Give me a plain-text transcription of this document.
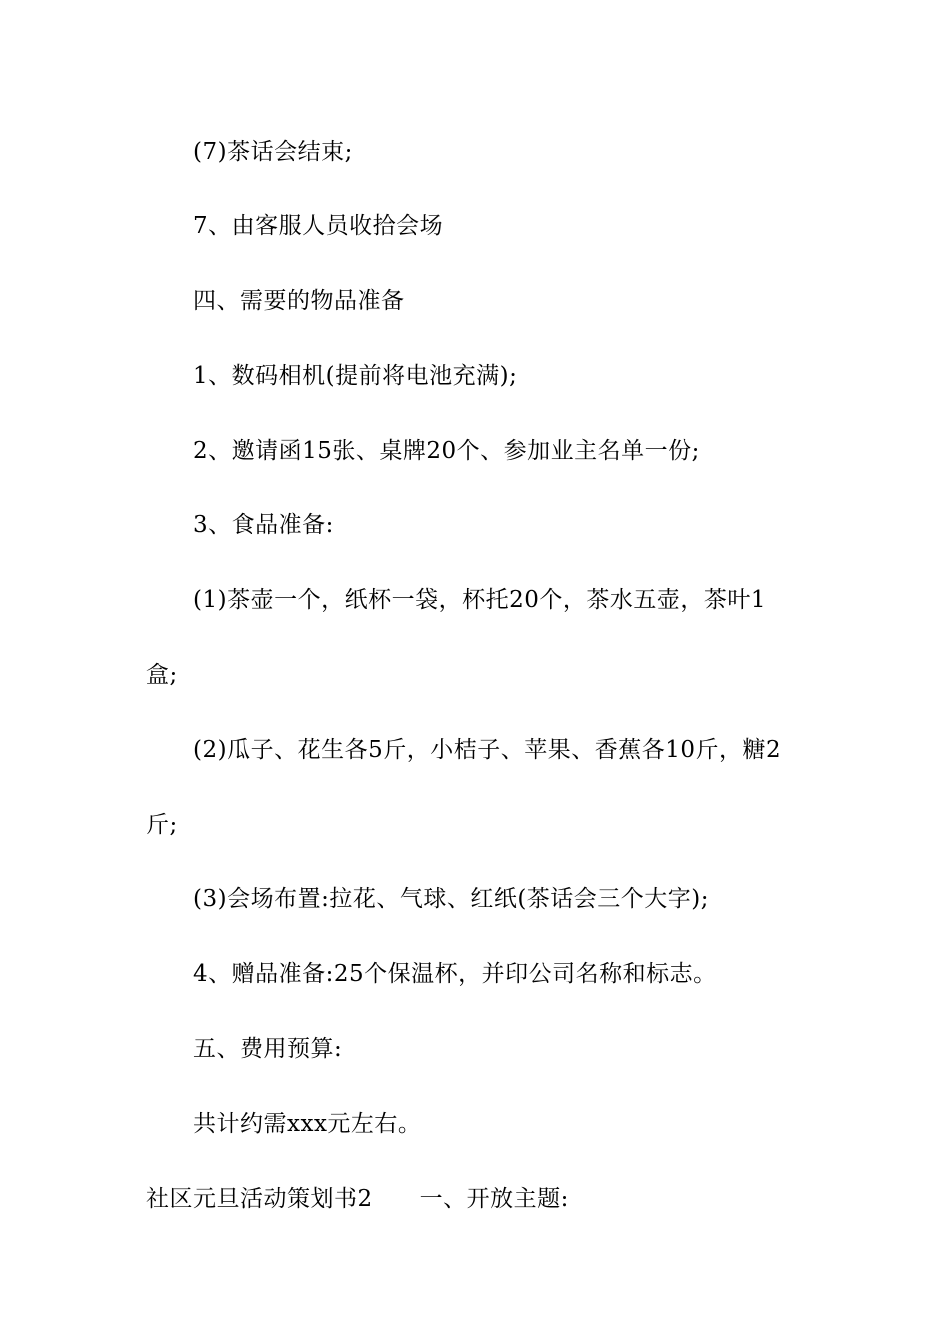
(7)茶话会结束;
7、由客服人员收拾会场
四、需要的物品准备
1、数码相机(提前将电池充满);
2、邀请函15张、桌牌20个、参加业主名单一份;
3、食品准备:
(1)茶壶一个，纸杯一袋，杯托20个，茶水五壶，茶叶1
盒;
(2)瓜子、花生各5斤，小桔子、苹果、香蕉各10斤，糖2
斤;
(3)会场布置:拉花、气球、红纸(茶话会三个大字);
4、赠品准备:25个保温杯，并印公司名称和标志。
五、费用预算:
共计约需xxx元左右。
社区元旦活动策划书2　　一、开放主题:
